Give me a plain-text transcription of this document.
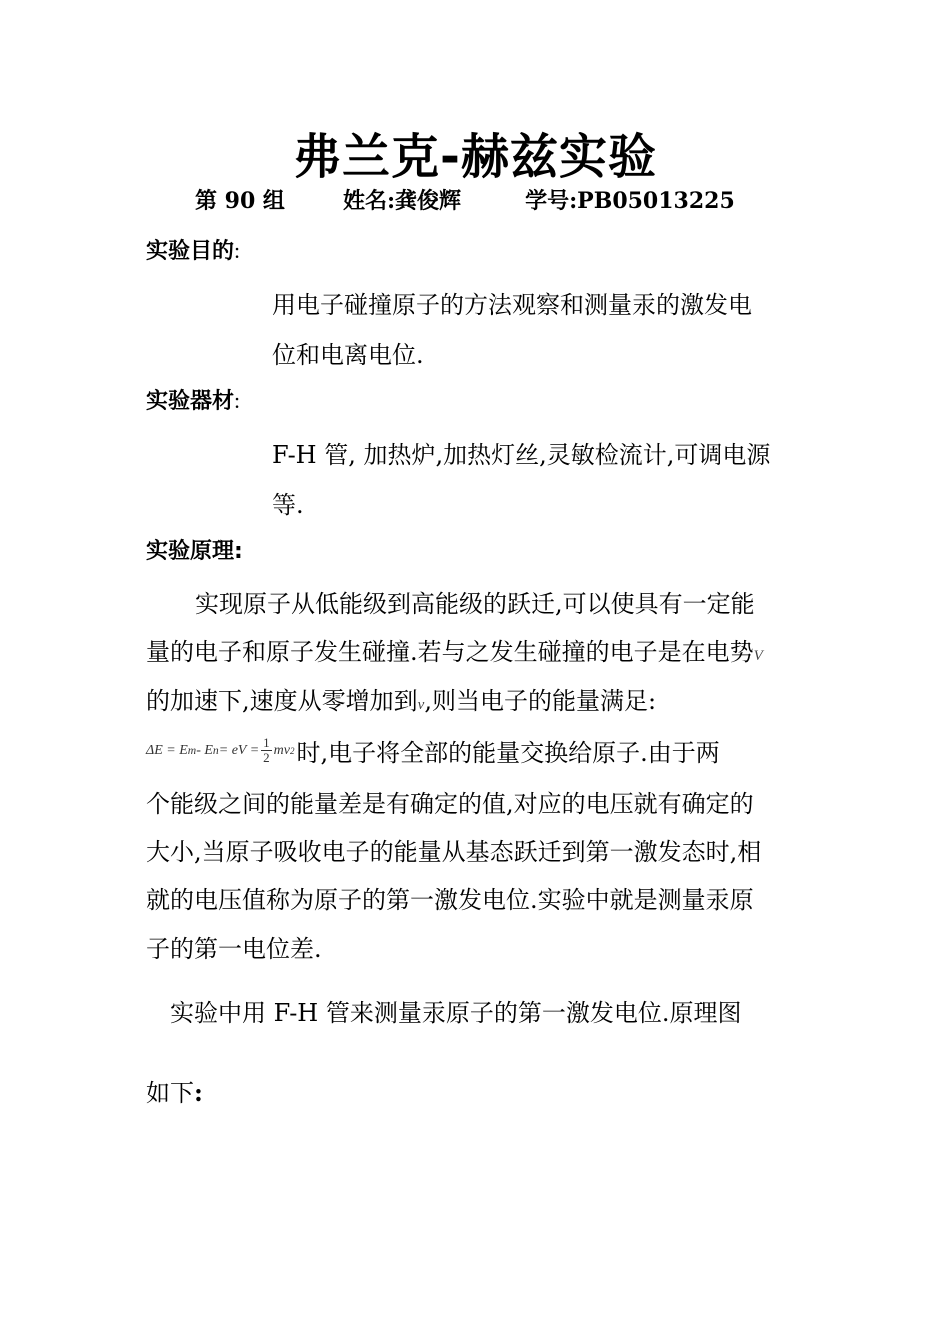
弗兰克-赫兹实验
第 90 组	姓名:龚俊辉	学号:PB05013225
实验目的:
用电子碰撞原子的方法观察和测量汞的激发电
位和电离电位.
实验器材:
F-H 管, 加热炉,加热灯丝,灵敏检流计,可调电源
等.
实验原理:
实现原子从低能级到高能级的跃迁,可以使具有一定能
量的电子和原子发生碰撞.若与之发生碰撞的电子是在电势V
的加速下,速度从零增加到v,则当电子的能量满足:
ΔE = E m - E n = eV = $\frac{1}{2}$ mv 2 时,电子将全部的能量交换给原子.由于两
个能级之间的能量差是有确定的值,对应的电压就有确定的
大小,当原子吸收电子的能量从基态跃迁到第一激发态时,相
就的电压值称为原子的第一激发电位.实验中就是测量汞原
子的第一电位差.
实验中用 F-H 管来测量汞原子的第一激发电位.原理图
如下:
